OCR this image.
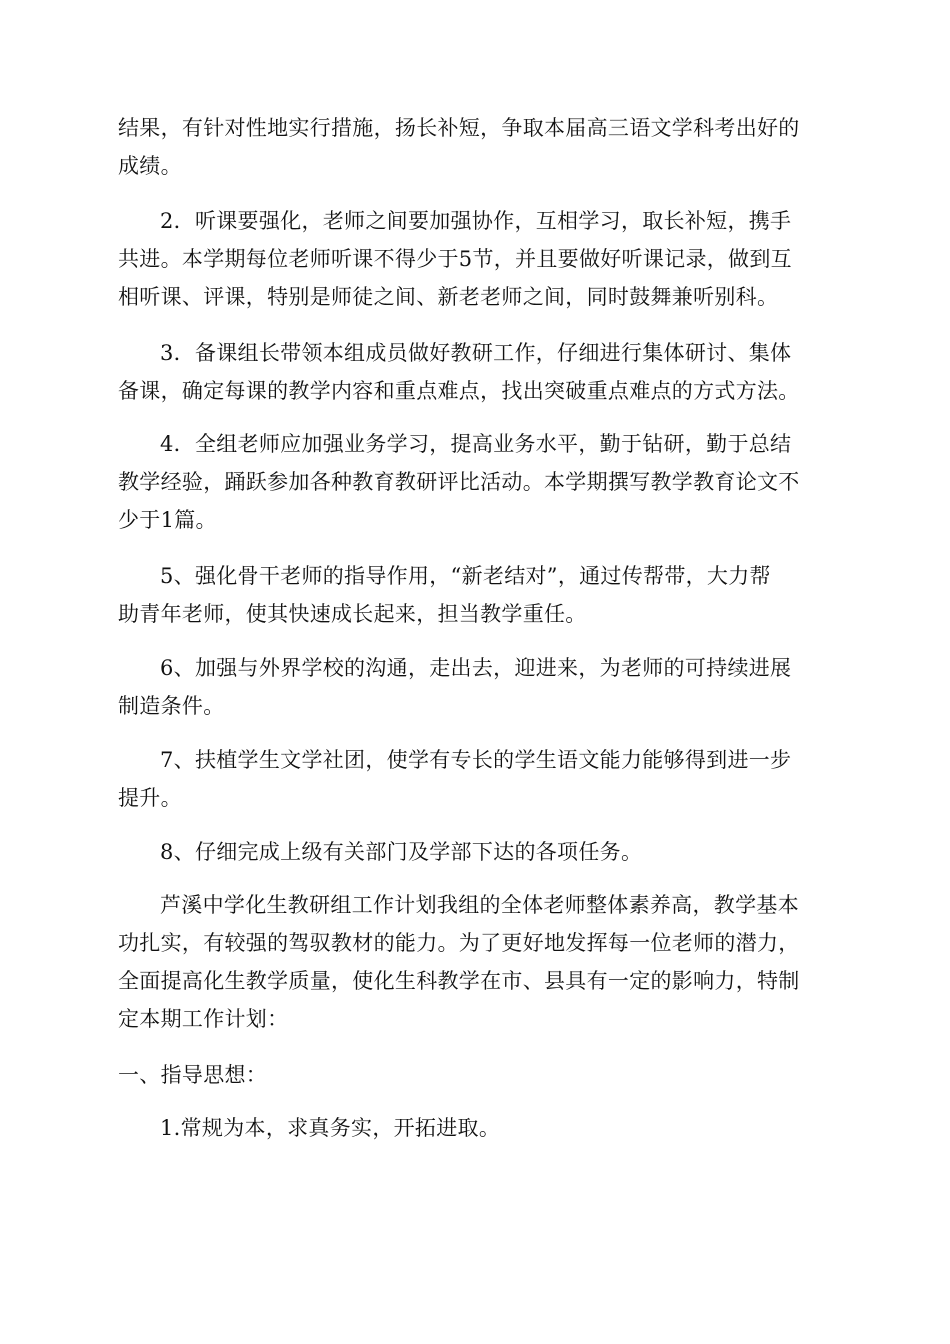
结果，有针对性地实行措施，扬长补短，争取本届高三语文学科考出好的
成绩。

2．听课要强化，老师之间要加强协作，互相学习，取长补短，携手
共进。本学期每位老师听课不得少于5节，并且要做好听课记录，做到互
相听课、评课，特别是师徒之间、新老老师之间，同时鼓舞兼听别科。

3．备课组长带领本组成员做好教研工作，仔细进行集体研讨、集体
备课，确定每课的教学内容和重点难点，找出突破重点难点的方式方法。

4．全组老师应加强业务学习，提高业务水平，勤于钻研，勤于总结
教学经验，踊跃参加各种教育教研评比活动。本学期撰写教学教育论文不
少于1篇。

5、强化骨干老师的指导作用，“新老结对”，通过传帮带，大力帮
助青年老师，使其快速成长起来，担当教学重任。

6、加强与外界学校的沟通，走出去，迎进来，为老师的可持续进展
制造条件。

7、扶植学生文学社团，使学有专长的学生语文能力能够得到进一步
提升。

8、仔细完成上级有关部门及学部下达的各项任务。

芦溪中学化生教研组工作计划我组的全体老师整体素养高，教学基本
功扎实，有较强的驾驭教材的能力。为了更好地发挥每一位老师的潜力，
全面提高化生教学质量，使化生科教学在市、县具有一定的影响力，特制
定本期工作计划：

一、指导思想：

1.常规为本，求真务实，开拓进取。
